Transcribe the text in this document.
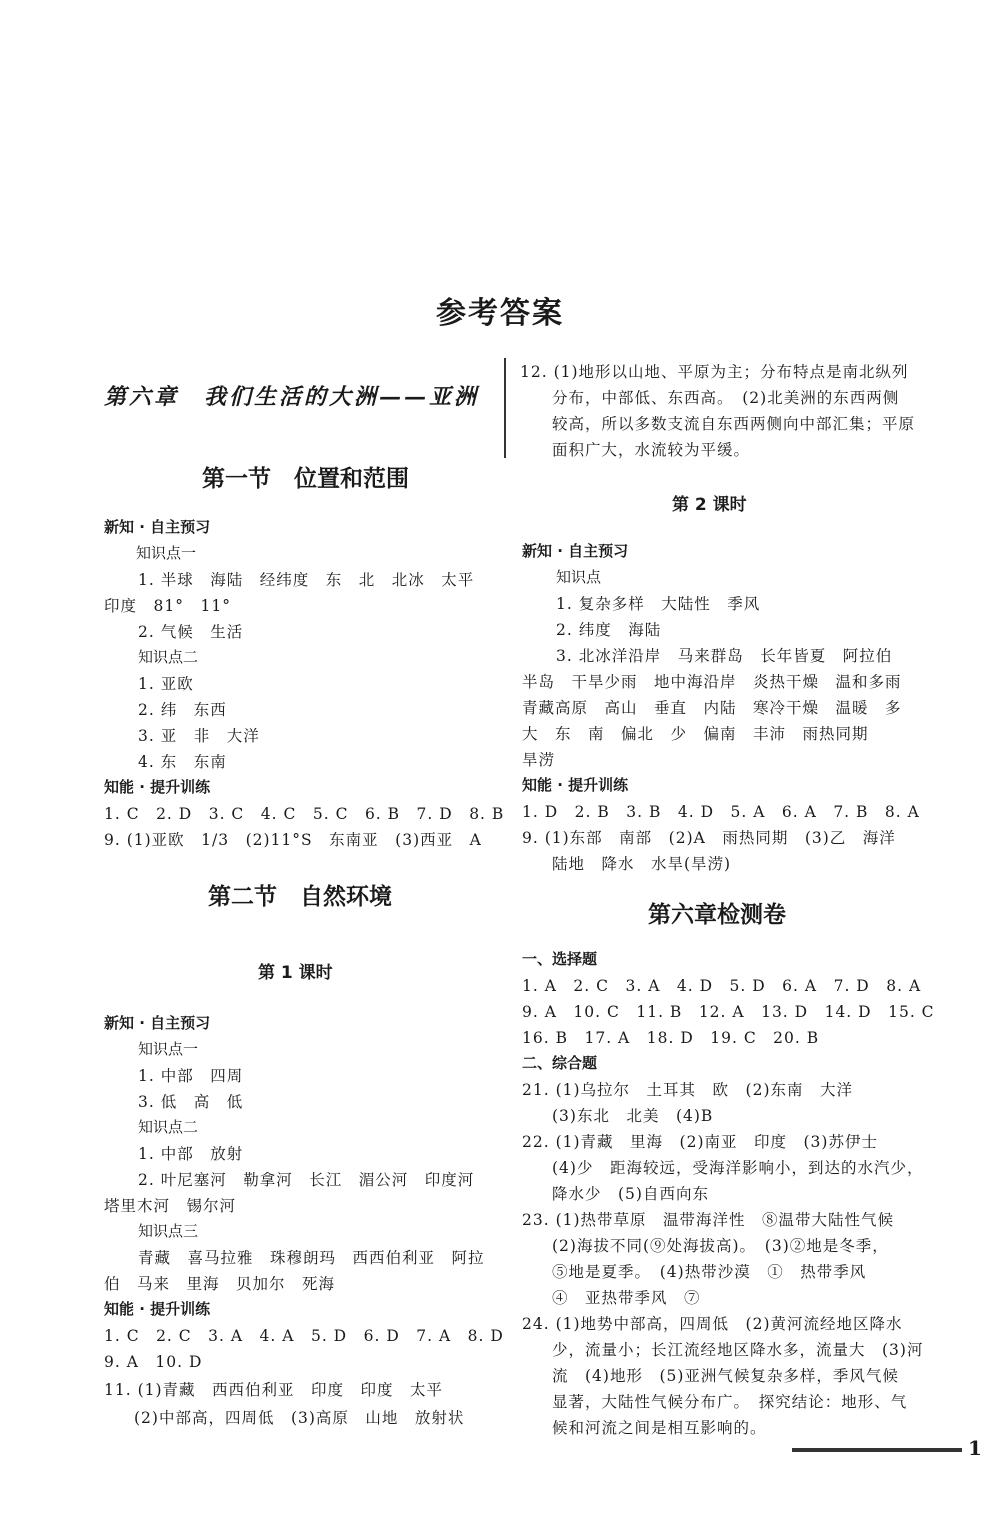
参考答案
第六章　我们生活的大洲——亚洲
第一节　位置和范围
新知 · 自主预习
知识点一
1. 半球　海陆　经纬度　东　北　北冰　太平
印度　81°　11°
2. 气候　生活
知识点二
1. 亚欧
2. 纬　东西
3. 亚　非　大洋
4. 东　东南
知能 · 提升训练
1. C　2. D　3. C　4. C　5. C　6. B　7. D　8. B
9. (1)亚欧　1/3　(2)11°S　东南亚　(3)西亚　A
第二节　自然环境
第 1 课时
新知 · 自主预习
知识点一
1. 中部　四周
3. 低　高　低
知识点二
1. 中部　放射
2. 叶尼塞河　勒拿河　长江　湄公河　印度河
塔里木河　锡尔河
知识点三
青藏　喜马拉雅　珠穆朗玛　西西伯利亚　阿拉
伯　马来　里海　贝加尔　死海
知能 · 提升训练
1. C　2. C　3. A　4. A　5. D　6. D　7. A　8. D
9. A　10. D
11. (1)青藏　西西伯利亚　印度　印度　太平
(2)中部高，四周低　(3)高原　山地　放射状
12. (1)地形以山地、平原为主；分布特点是南北纵列
分布，中部低、东西高。　(2)北美洲的东西两侧
较高，所以多数支流自东西两侧向中部汇集；平原
面积广大，水流较为平缓。
第 2 课时
新知 · 自主预习
知识点
1. 复杂多样　大陆性　季风
2. 纬度　海陆
3. 北冰洋沿岸　马来群岛　长年皆夏　阿拉伯
半岛　干旱少雨　地中海沿岸　炎热干燥　温和多雨
青藏高原　高山　垂直　内陆　寒冷干燥　温暖　多
大　东　南　偏北　少　偏南　丰沛　雨热同期
旱涝
知能 · 提升训练
1. D　2. B　3. B　4. D　5. A　6. A　7. B　8. A
9. (1)东部　南部　(2)A　雨热同期　(3)乙　海洋
陆地　降水　水旱(旱涝)
第六章检测卷
一、选择题
1. A　2. C　3. A　4. D　5. D　6. A　7. D　8. A
9. A　10. C　11. B　12. A　13. D　14. D　15. C
16. B　17. A　18. D　19. C　20. B
二、综合题
21. (1)乌拉尔　土耳其　欧　(2)东南　大洋
(3)东北　北美　(4)B
22. (1)青藏　里海　(2)南亚　印度　(3)苏伊士
(4)少　距海较远，受海洋影响小，到达的水汽少，
降水少　(5)自西向东
23. (1)热带草原　温带海洋性　⑧温带大陆性气候
(2)海拔不同(⑨处海拔高)。　(3)②地是冬季，
⑤地是夏季。　(4)热带沙漠　①　热带季风
④　亚热带季风　⑦
24. (1)地势中部高，四周低　(2)黄河流经地区降水
少，流量小；长江流经地区降水多，流量大　(3)河
流　(4)地形　(5)亚洲气候复杂多样，季风气候
显著，大陆性气候分布广。　探究结论：地形、气
候和河流之间是相互影响的。
1
